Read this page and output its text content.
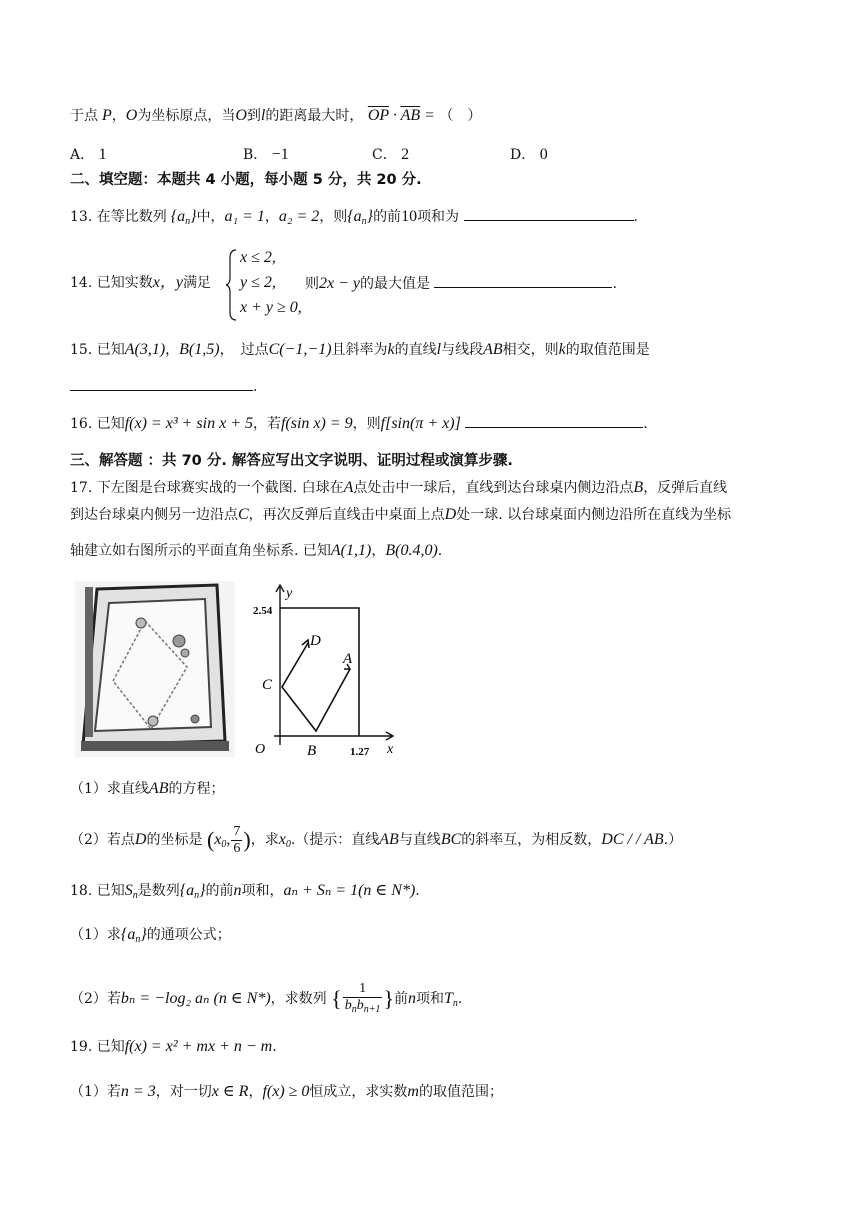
于点 P，O为坐标原点，当O到l的距离最大时， $\overline{OP} \cdot \overline{AB}$ = （　）
A． 1	B． −1	C． 2	D． 0
二、填空题：本题共 4 小题，每小题 5 分，共 20 分.
13. 在等比数列 $\{a_n\}$中，a₁ = 1，a₂ = 2，则$\{a_n\}$的前10项和为	.
14. 已知实数x，y满足
x ≤ 2,
y ≤ 2,
x + y ≥ 0,
则2x − y的最大值是	.
15. 已知A(3,1)，B(1,5)，　过点C(−1,−1)且斜率为k的直线l与线段AB相交，则k的取值范围是
.
16. 已知f(x) = x³ + sin x + 5，若f(sin x) = 9，则f[sin(π + x)]	.
三、解答题 ：共 70 分. 解答应写出文字说明、证明过程或演算步骤.
17. 下左图是台球赛实战的一个截图. 白球在A点处击中一球后，直线到达台球桌内侧边沿点B，反弹后直线
到达台球桌内侧另一边沿点C，再次反弹后直线击中桌面上点D处一球. 以台球桌面内侧边沿所在直线为坐标
轴建立如右图所示的平面直角坐标系. 已知A(1,1)，B(0.4,0).
y
x
O
2.54
1.27
A
B
C
D
（1）求直线AB的方程；
（2）若点D的坐标是 ($x_0$, $\frac{7}{6}$ )，求$x_0$.（提示：直线AB与直线BC的斜率互，为相反数，DC / / AB.）
18. 已知$S_n$是数列$\{a_n\}$的前n项和，aₙ + Sₙ = 1(n ∈ N*).
（1）求$\{a_n\}$的通项公式；
（2）若bₙ = −log₂ aₙ (n ∈ N*)，求数列 { $\frac{1}{b_nb_{n+1}}$ }前n项和$T_n$.
19. 已知f(x) = x² + mx + n − m.
（1）若n = 3，对一切x ∈ R，f(x) ≥ 0恒成立，求实数m的取值范围；
